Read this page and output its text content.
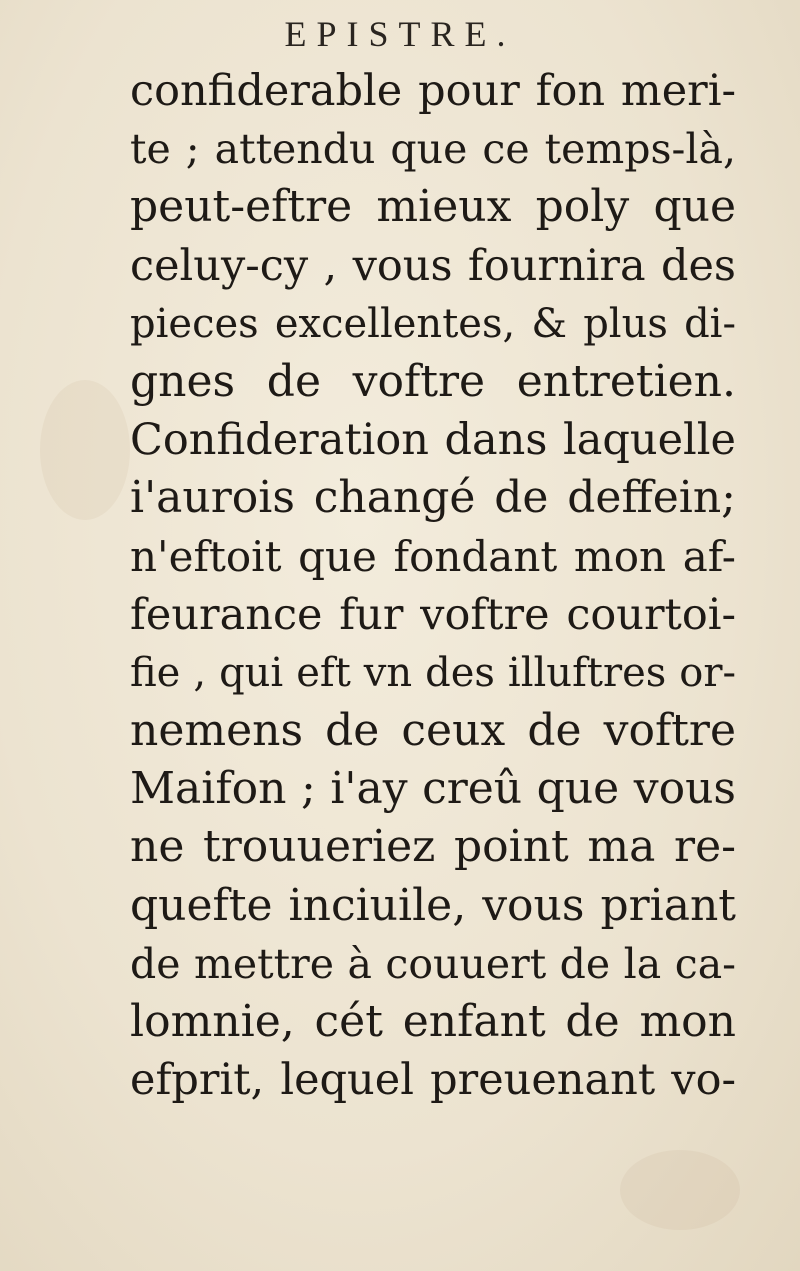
EPISTRE.
confiderable pour fon meri-
te ; attendu que ce temps-là,
peut-eftre mieux poly que
celuy-cy , vous fournira des
pieces excellentes, & plus di-
gnes de voftre entretien.
Confideration dans laquelle
i'aurois changé de deffein;
n'eftoit que fondant mon af-
feurance fur voftre courtoi-
fie , qui eft vn des illuftres or-
nemens de ceux de voftre
Maifon ; i'ay creû que vous
ne trouueriez point ma re-
quefte inciuile, vous priant
de mettre à couuert de la ca-
lomnie, cét enfant de mon
efprit, lequel preuenant vo-
